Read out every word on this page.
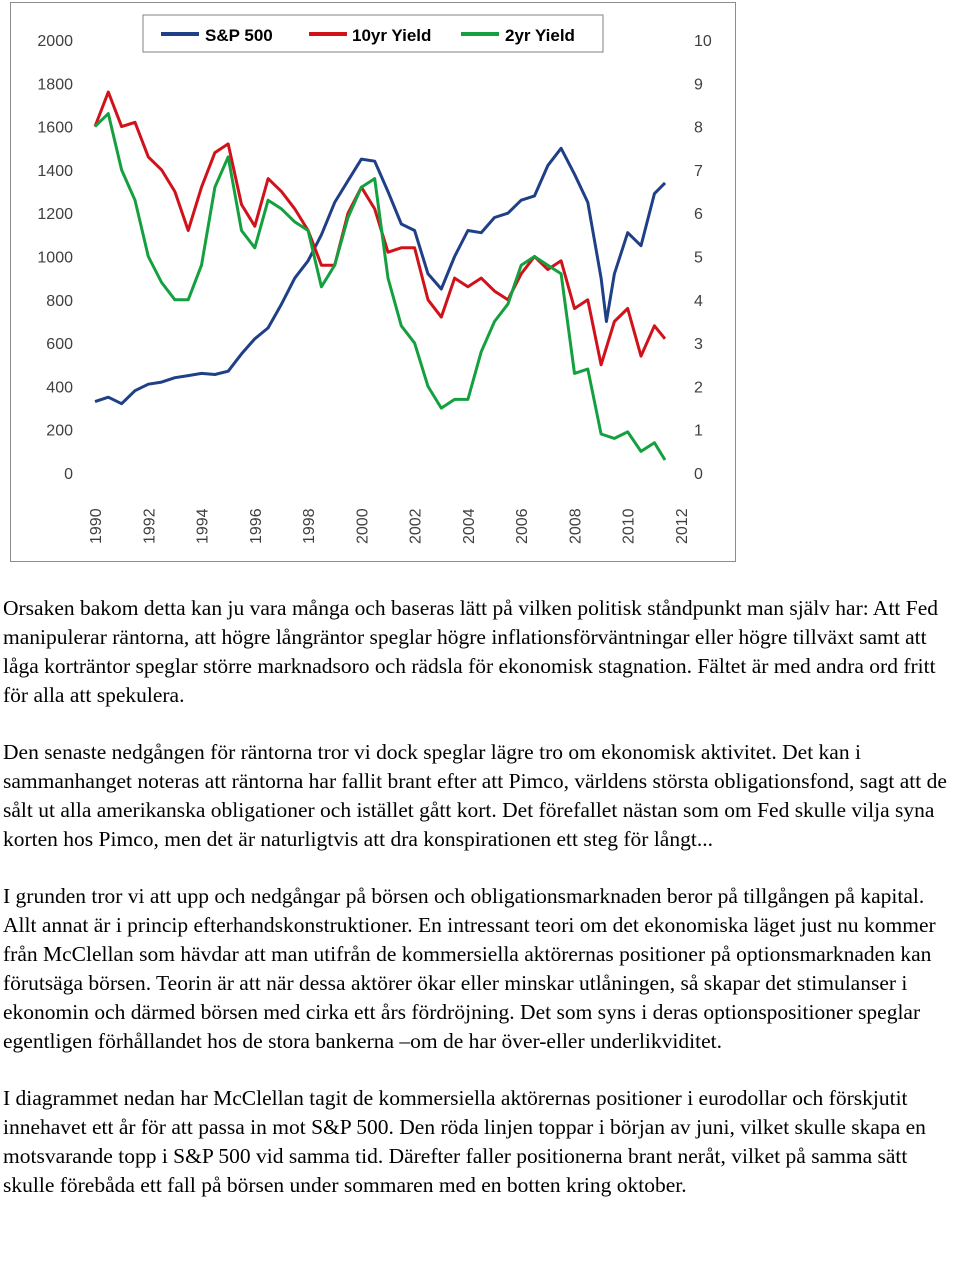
S&P 500	10yr Yield	2yr Yield
2000
1800
1600
1400
1200
1000
800
600
400
200
0
10
9
8
7
6
5
4
3
2
1
0
1990 1992 1994 1996 1998 2000 2002 2004 2006 2008 2010 2012

Orsaken bakom detta kan ju vara många och baseras lätt på vilken politisk ståndpunkt man själv har: Att Fed manipulerar räntorna, att högre långräntor speglar högre inflationsförväntningar eller högre tillväxt samt att låga korträntor speglar större marknadsoro och rädsla för ekonomisk stagnation. Fältet är med andra ord fritt för alla att spekulera.

Den senaste nedgången för räntorna tror vi dock speglar lägre tro om ekonomisk aktivitet. Det kan i sammanhanget noteras att räntorna har fallit brant efter att Pimco, världens största obligationsfond, sagt att de sålt ut alla amerikanska obligationer och istället gått kort. Det förefallet nästan som om Fed skulle vilja syna korten hos Pimco, men det är naturligtvis att dra konspirationen ett steg för långt...

I grunden tror vi att upp och nedgångar på börsen och obligationsmarknaden beror på tillgången på kapital. Allt annat är i princip efterhandskonstruktioner. En intressant teori om det ekonomiska läget just nu kommer från McClellan som hävdar att man utifrån de kommersiella aktörernas positioner på optionsmarknaden kan förutsäga börsen. Teorin är att när dessa aktörer ökar eller minskar utlåningen, så skapar det stimulanser i ekonomin och därmed börsen med cirka ett års fördröjning. Det som syns i deras optionspositioner speglar egentligen förhållandet hos de stora bankerna –om de har över-eller underlikviditet.

I diagrammet nedan har McClellan tagit de kommersiella aktörernas positioner i eurodollar och förskjutit innehavet ett år för att passa in mot S&P 500. Den röda linjen toppar i början av juni, vilket skulle skapa en motsvarande topp i S&P 500 vid samma tid. Därefter faller positionerna brant neråt, vilket på samma sätt skulle förebåda ett fall på börsen under sommaren med en botten kring oktober.
